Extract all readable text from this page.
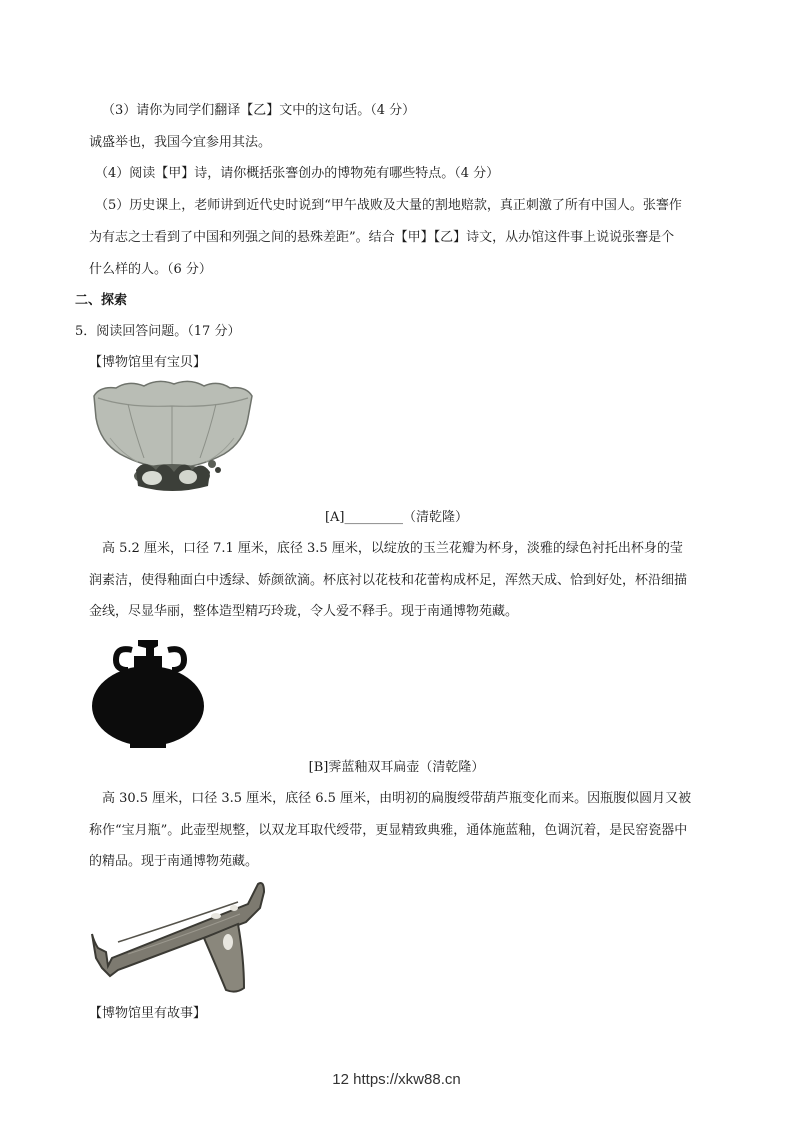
（3）请你为同学们翻译【乙】文中的这句话。（4 分）
诚盛举也，我国今宜参用其法。
（4）阅读【甲】诗，请你概括张謇创办的博物苑有哪些特点。（4 分）
（5）历史课上，老师讲到近代史时说到“甲午战败及大量的割地赔款，真正刺激了所有中国人。张謇作
为有志之士看到了中国和列强之间的悬殊差距”。结合【甲】【乙】诗文，从办馆这件事上说说张謇是个
什么样的人。（6 分）
二、探索
5．阅读回答问题。（17 分）
【博物馆里有宝贝】
[A]_________（清乾隆）
高 5.2 厘米，口径 7.1 厘米，底径 3.5 厘米，以绽放的玉兰花瓣为杯身，淡雅的绿色衬托出杯身的莹
润素洁，使得釉面白中透绿、娇颜欲滴。杯底衬以花枝和花蕾构成杯足，浑然天成、恰到好处，杯沿细描
金线，尽显华丽，整体造型精巧玲珑，令人爱不释手。现于南通博物苑藏。
[B]霁蓝釉双耳扁壶（清乾隆）
高 30.5 厘米，口径 3.5 厘米，底径 6.5 厘米，由明初的扁腹绶带葫芦瓶变化而来。因瓶腹似圆月又被
称作“宝月瓶”。此壶型规整，以双龙耳取代绶带，更显精致典雅，通体施蓝釉，色调沉着，是民窑瓷器中
的精品。现于南通博物苑藏。
【博物馆里有故事】
12 https://xkw88.cn
